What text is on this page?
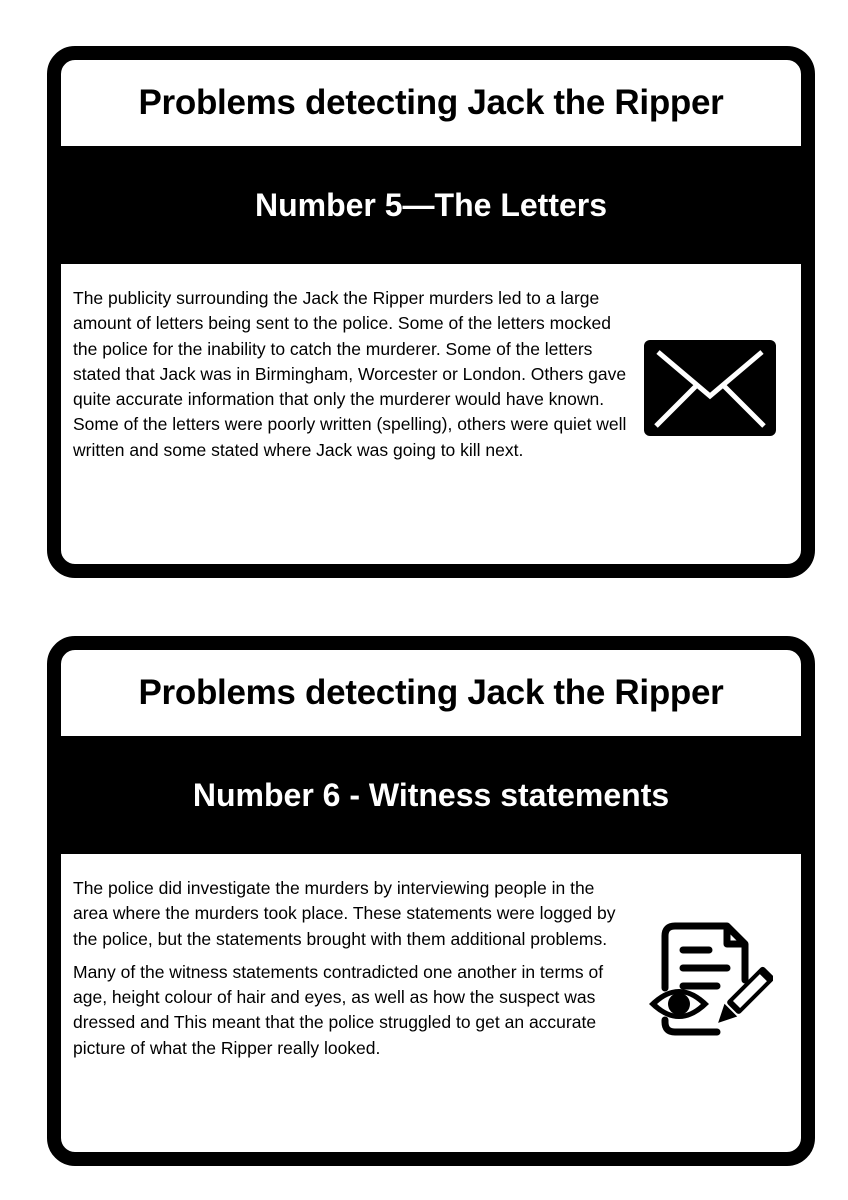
Problems detecting Jack the Ripper
Number 5—The Letters

The publicity surrounding the Jack the Ripper murders led to a large amount of letters being sent to the police. Some of the letters mocked the police for the inability to catch the murderer. Some of the letters stated that Jack was in Birmingham, Worcester or London. Others gave quite accurate information that only the murderer would have known. Some of the letters were poorly written (spelling), others were quiet well written and some stated where Jack was going to kill next.

Problems detecting Jack the Ripper
Number 6 - Witness statements

The police did investigate the murders by interviewing people in the area where the murders took place. These statements were logged by the police, but the statements brought with them additional problems.

Many of the witness statements contradicted one another in terms of age, height colour of hair and eyes, as well as how the suspect was dressed and This meant that the police struggled to get an accurate picture of what the Ripper really looked.
